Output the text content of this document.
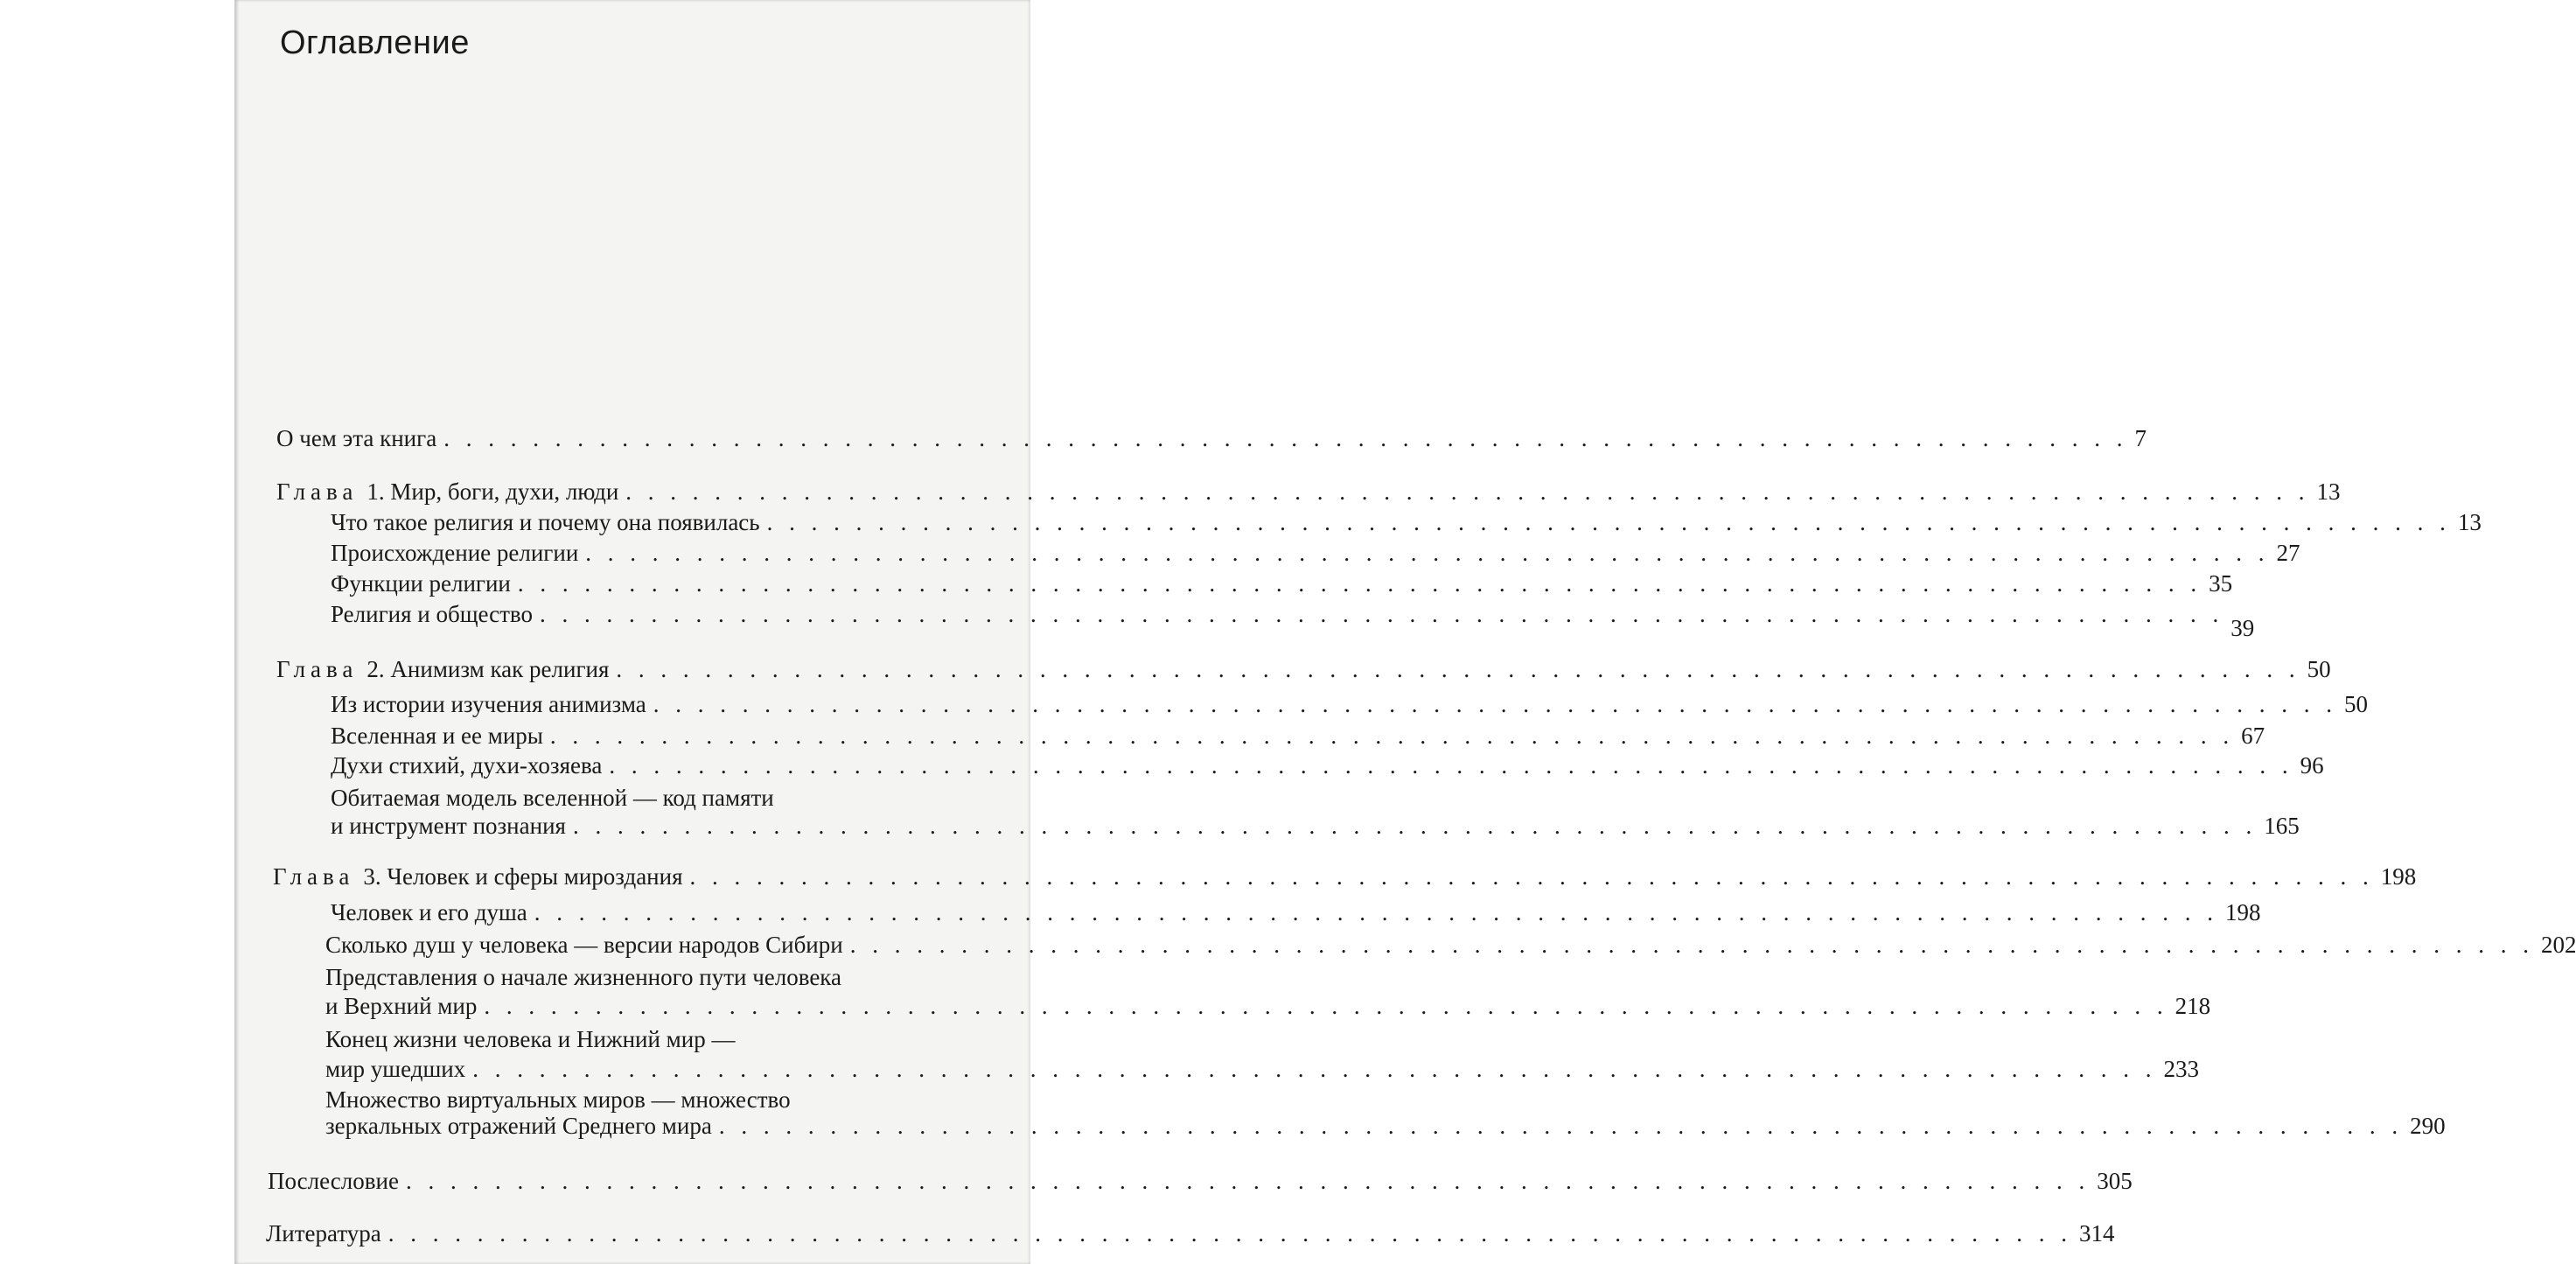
Оглавление
О чем эта книга . . . . . . . . . . . . . . . . . . . . . . . . . . . . . . . . . . . . . . . . . . . . . . . . . . . . . . . . . . . . . . . . . . . . . . . . . . . . 7
Глава 1. Мир, боги, духи, люди . . . . . . . . . . . . . . . . . . . . . . . . . . . . . . . . . . . . . . . . . . . . . . . . . . . . . . . . . . . . . . . . . . . . . . . . . . . . 13
Что такое религия и почему она появилась . . . . . . . . . . . . . . . . . . . . . . . . . . . . . . . . . . . . . . . . . . . . . . . . . . . . . . . . . . . . . . . . . . . . . . . . . . . . 13
Происхождение религии . . . . . . . . . . . . . . . . . . . . . . . . . . . . . . . . . . . . . . . . . . . . . . . . . . . . . . . . . . . . . . . . . . . . . . . . . . . . 27
Функции религии . . . . . . . . . . . . . . . . . . . . . . . . . . . . . . . . . . . . . . . . . . . . . . . . . . . . . . . . . . . . . . . . . . . . . . . . . . . . 35
Религия и общество . . . . . . . . . . . . . . . . . . . . . . . . . . . . . . . . . . . . . . . . . . . . . . . . . . . . . . . . . . . . . . . . . . . . . . . . . . . .
39
Глава 2. Анимизм как религия . . . . . . . . . . . . . . . . . . . . . . . . . . . . . . . . . . . . . . . . . . . . . . . . . . . . . . . . . . . . . . . . . . . . . . . . . . . . 50
Из истории изучения анимизма . . . . . . . . . . . . . . . . . . . . . . . . . . . . . . . . . . . . . . . . . . . . . . . . . . . . . . . . . . . . . . . . . . . . . . . . . . . . 50
Вселенная и ее миры . . . . . . . . . . . . . . . . . . . . . . . . . . . . . . . . . . . . . . . . . . . . . . . . . . . . . . . . . . . . . . . . . . . . . . . . . . . . 67
Духи стихий, духи-хозяева . . . . . . . . . . . . . . . . . . . . . . . . . . . . . . . . . . . . . . . . . . . . . . . . . . . . . . . . . . . . . . . . . . . . . . . . . . . . 96
Обитаемая модель вселенной — код памяти
и инструмент познания . . . . . . . . . . . . . . . . . . . . . . . . . . . . . . . . . . . . . . . . . . . . . . . . . . . . . . . . . . . . . . . . . . . . . . . . . . . . 165
Глава 3. Человек и сферы мироздания . . . . . . . . . . . . . . . . . . . . . . . . . . . . . . . . . . . . . . . . . . . . . . . . . . . . . . . . . . . . . . . . . . . . . . . . . . . . 198
Человек и его душа . . . . . . . . . . . . . . . . . . . . . . . . . . . . . . . . . . . . . . . . . . . . . . . . . . . . . . . . . . . . . . . . . . . . . . . . . . . . 198
Сколько душ у человека — версии народов Сибири . . . . . . . . . . . . . . . . . . . . . . . . . . . . . . . . . . . . . . . . . . . . . . . . . . . . . . . . . . . . . . . . . . . . . . . . . . . . 202
Представления о начале жизненного пути человека
и Верхний мир . . . . . . . . . . . . . . . . . . . . . . . . . . . . . . . . . . . . . . . . . . . . . . . . . . . . . . . . . . . . . . . . . . . . . . . . . . . . 218
Конец жизни человека и Нижний мир —
мир ушедших . . . . . . . . . . . . . . . . . . . . . . . . . . . . . . . . . . . . . . . . . . . . . . . . . . . . . . . . . . . . . . . . . . . . . . . . . . . . 233
Множество виртуальных миров — множество
зеркальных отражений Среднего мира . . . . . . . . . . . . . . . . . . . . . . . . . . . . . . . . . . . . . . . . . . . . . . . . . . . . . . . . . . . . . . . . . . . . . . . . . . . . 290
Послесловие . . . . . . . . . . . . . . . . . . . . . . . . . . . . . . . . . . . . . . . . . . . . . . . . . . . . . . . . . . . . . . . . . . . . . . . . . . . . 305
Литература . . . . . . . . . . . . . . . . . . . . . . . . . . . . . . . . . . . . . . . . . . . . . . . . . . . . . . . . . . . . . . . . . . . . . . . . . . . . 314
